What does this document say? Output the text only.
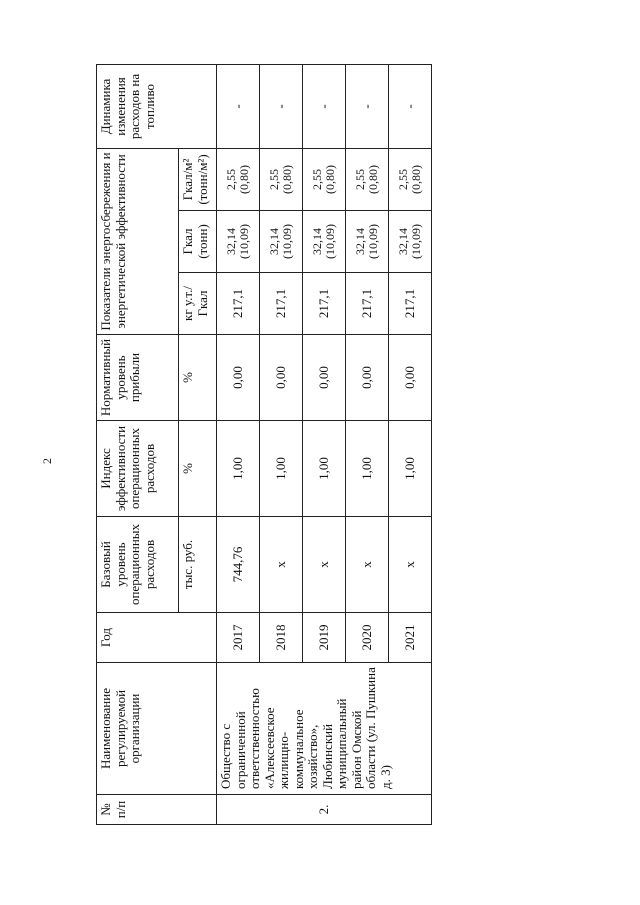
2
№ п/п	Наименование регулируемой организации	Год	Базовый уровень операционных расходов	Индекс эффективности операционных расходов	Нормативный уровень прибыли	Показатели энергосбережения и энергетической эффективности			Динамика изменения расходов на топливо
			тыс. руб.	%	%	кг у.т./Гкал	Гкал (тонн)	Гкал/м² (тонн/м²)	

2.	Общество с ограниченной ответственностью «Алексеевское жилищно-коммунальное хозяйство», Любинский муниципальный район Омской области (ул. Пушкина д. 3)	2017	744,76	1,00	0,00	217,1	32,14 (10,09)	2,55 (0,80)	-
		2018	х	1,00	0,00	217,1	32,14 (10,09)	2,55 (0,80)	-
		2019	х	1,00	0,00	217,1	32,14 (10,09)	2,55 (0,80)	-
		2020	х	1,00	0,00	217,1	32,14 (10,09)	2,55 (0,80)	-
		2021	х	1,00	0,00	217,1	32,14 (10,09)	2,55 (0,80)	-
